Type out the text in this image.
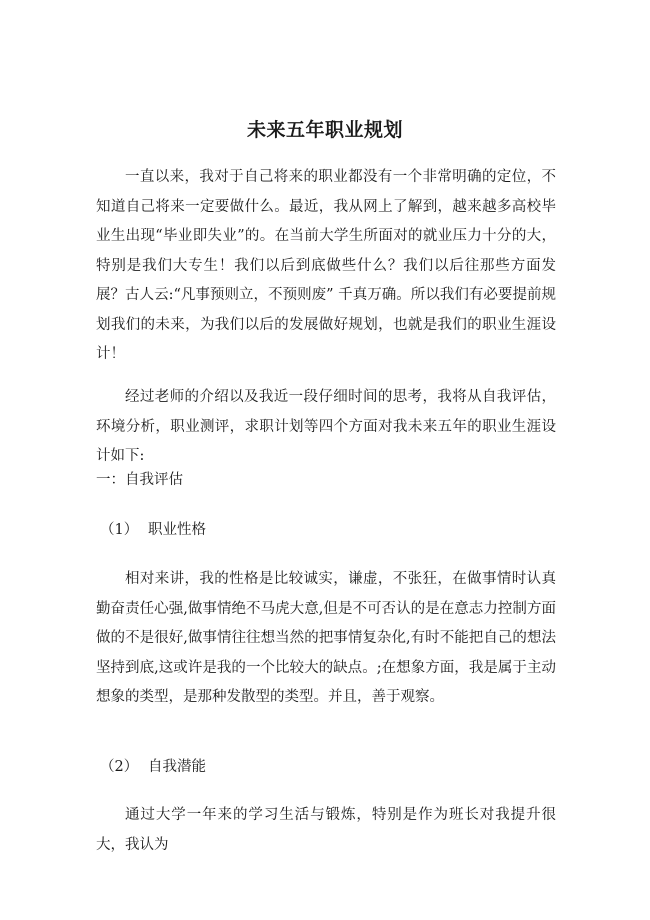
未来五年职业规划

一直以来，我对于自己将来的职业都没有一个非常明确的定位，不知道自己将来一定要做什么。最近，我从网上了解到，越来越多高校毕业生出现“毕业即失业”的。在当前大学生所面对的就业压力十分的大，特别是我们大专生！我们以后到底做些什么？我们以后往那些方面发展？古人云:“凡事预则立，不预则废” 千真万确。所以我们有必要提前规划我们的未来，为我们以后的发展做好规划，也就是我们的职业生涯设计！

经过老师的介绍以及我近一段仔细时间的思考，我将从自我评估，环境分析，职业测评，求职计划等四个方面对我未来五年的职业生涯设计如下:

一：自我评估
（1） 职业性格

相对来讲，我的性格是比较诚实，谦虚，不张狂，在做事情时认真勤奋责任心强,做事情绝不马虎大意,但是不可否认的是在意志力控制方面做的不是很好,做事情往往想当然的把事情复杂化,有时不能把自己的想法坚持到底,这或许是我的一个比较大的缺点。;在想象方面，我是属于主动想象的类型，是那种发散型的类型。并且，善于观察。

（2） 自我潜能

通过大学一年来的学习生活与锻炼，特别是作为班长对我提升很大，我认为
